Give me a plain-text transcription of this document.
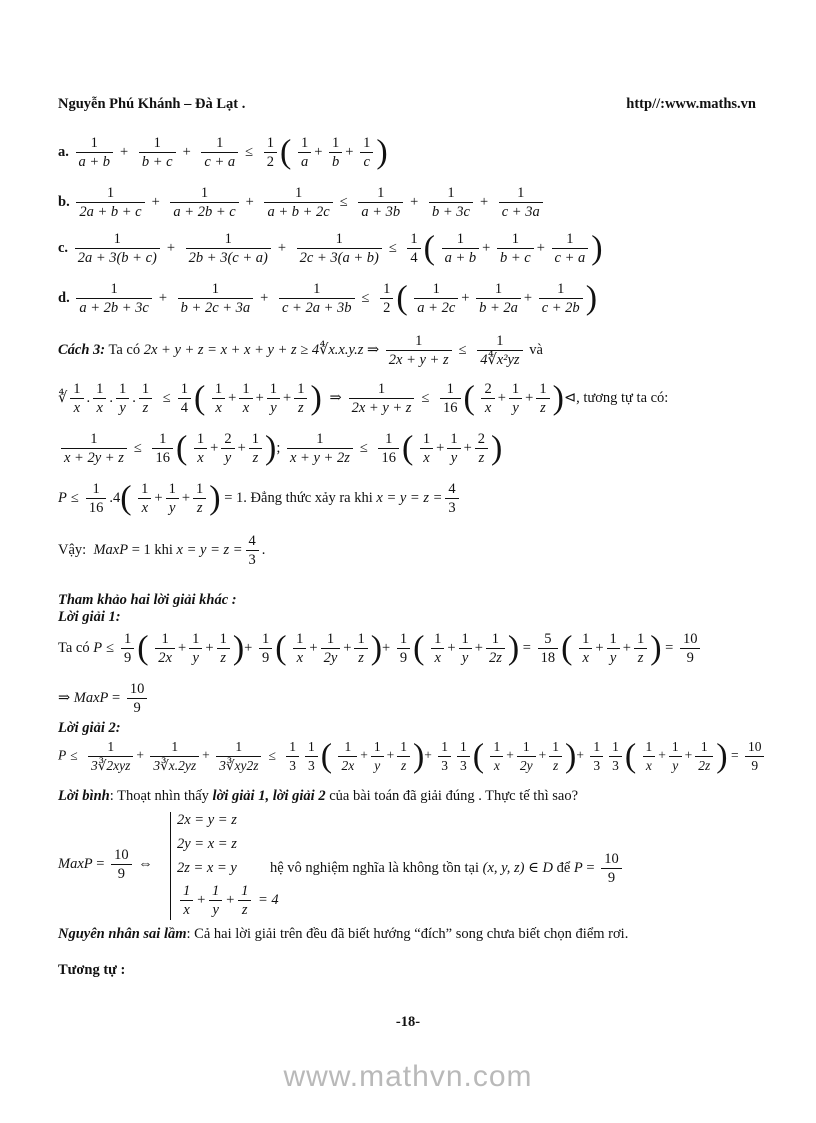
Nguyễn Phú Khánh – Đà Lạt .	http//:www.maths.vn
a. $\frac{1}{a + b} + \frac{1}{b + c} + \frac{1}{c + a} \le \frac{1}{2}$ ( $\frac{1}{a} + \frac{1}{b} + \frac{1}{c}$ )
b. $\frac{1}{2a + b + c} + \frac{1}{a + 2b + c} + \frac{1}{a + b + 2c} \le \frac{1}{a + 3b} + \frac{1}{b + 3c} + \frac{1}{c + 3a}$
c. $\frac{1}{2a + 3(b + c)} + \frac{1}{2b + 3(c + a)} + \frac{1}{2c + 3(a + b)} \le \frac{1}{4}$ ( $\frac{1}{a + b} + \frac{1}{b + c} + \frac{1}{c + a}$ )
d. $\frac{1}{a + 2b + 3c} + \frac{1}{b + 2c + 3a} + \frac{1}{c + 2a + 3b} \le \frac{1}{2}$ ( $\frac{1}{a + 2c} + \frac{1}{b + 2a} + \frac{1}{c + 2b}$ )
Cách 3: Ta có 2x + y + z = x + x + y + z ≥ 4∜x.x.y.z ⇒ $\frac{1}{2x + y + z} \le \frac{1}{\text{4∜x²yz}}$ và
∜ $\frac{1}{x}$ . $\frac{1}{x}$ . $\frac{1}{y}$ . $\frac{1}{z} \le \frac{1}{4}$ ( $\frac{1}{x} + \frac{1}{x} + \frac{1}{y} + \frac{1}{z}$ ) ⇒ $\frac{1}{2x + y + z} \le \frac{1}{16}$ ( $\frac{2}{x} + \frac{1}{y} + \frac{1}{z}$ )⊲, tương tự ta có:
$\frac{1}{x + 2y + z} \le \frac{1}{16}$ ( $\frac{1}{x} + \frac{2}{y} + \frac{1}{z}$ ); $\frac{1}{x + y + 2z} \le \frac{1}{16}$ ( $\frac{1}{x} + \frac{1}{y} + \frac{2}{z}$ )
$P \le \frac{1}{16} .4( \frac{1}{x} + \frac{1}{y} + \frac{1}{z}$ ) = 1. Đẳng thức xảy ra khi $x = y = z = \frac{4}{3}$
Vậy:  MaxP = 1 khi $x = y = z = \frac{4}{3}$ .
Tham khảo hai lời giải khác :
Lời giải 1:
Ta có $P \le \frac{1}{9}$ ( $\frac{1}{2x} + \frac{1}{y} + \frac{1}{z}$ )+ $\frac{1}{9}$ ( $\frac{1}{x} + \frac{1}{2y} + \frac{1}{z}$ )+ $\frac{1}{9}$ ( $\frac{1}{x} + \frac{1}{y} + \frac{1}{2z}$ ) = $\frac{5}{18}$ ( $\frac{1}{x} + \frac{1}{y} + \frac{1}{z}$ ) = $\frac{10}{9}$
⇒ MaxP = $\frac{10}{9}$
Lời giải 2:
$P \le \frac{1}{\text{3∛2xyz}} + \frac{1}{3∛x.2yz} + \frac{1}{3∛xy2z} \le \frac{1}{3} \frac{1}{3}$ ( $\frac{1}{2x} + \frac{1}{y} + \frac{1}{z}$ )+ $\frac{1}{3} \frac{1}{3}$ ( $\frac{1}{x} + \frac{1}{2y} + \frac{1}{z}$ )+ $\frac{1}{3} \frac{1}{3}$ ( $\frac{1}{x} + \frac{1}{y} + \frac{1}{2z}$ ) = $\frac{10}{9}$
Lời bình: Thoạt nhìn thấy lời giải 1, lời giải 2 của bài toán đã giải đúng . Thực tế thì sao?
MaxP = $\frac{10}{9}$ ⇔
2x = y = z
2y = x = z
2z = x = y
$\frac{1}{x} + \frac{1}{y} + \frac{1}{z} = 4$
hệ vô nghiệm nghĩa là không tồn tại (x, y, z) ∈ D để $P = \frac{10}{9}$
Nguyên nhân sai lầm: Cả hai lời giải trên đều đã biết hướng “đích” song chưa biết chọn điểm rơi.
Tương tự :
-18-
www.mathvn.com
